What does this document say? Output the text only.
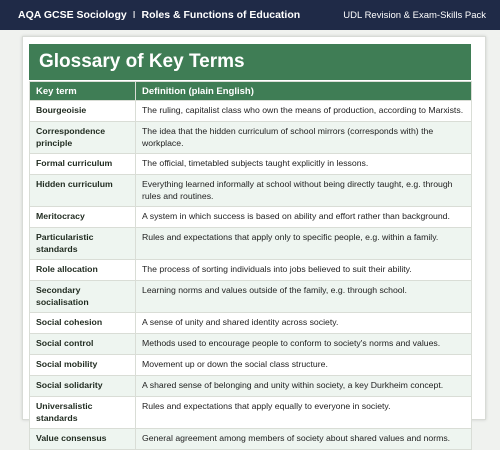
AQA GCSE Sociology I Roles & Functions of Education	UDL Revision & Exam-Skills Pack
Glossary of Key Terms
Key term	Definition (plain English)
Bourgeoisie	The ruling, capitalist class who own the means of production, according to Marxists.
Correspondence principle	The idea that the hidden curriculum of school mirrors (corresponds with) the workplace.
Formal curriculum	The official, timetabled subjects taught explicitly in lessons.
Hidden curriculum	Everything learned informally at school without being directly taught, e.g. through rules and routines.
Meritocracy	A system in which success is based on ability and effort rather than background.
Particularistic standards	Rules and expectations that apply only to specific people, e.g. within a family.
Role allocation	The process of sorting individuals into jobs believed to suit their ability.
Secondary socialisation	Learning norms and values outside of the family, e.g. through school.
Social cohesion	A sense of unity and shared identity across society.
Social control	Methods used to encourage people to conform to society's norms and values.
Social mobility	Movement up or down the social class structure.
Social solidarity	A shared sense of belonging and unity within society, a key Durkheim concept.
Universalistic standards	Rules and expectations that apply equally to everyone in society.
Value consensus	General agreement among members of society about shared values and norms.
